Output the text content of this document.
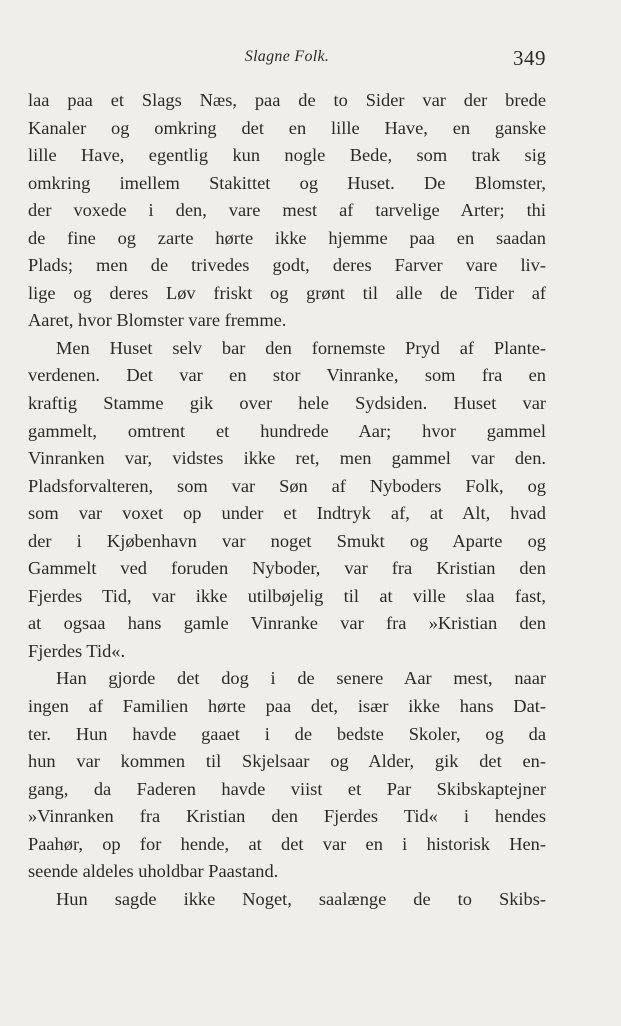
Slagne Folk.	349
laa paa et Slags Næs, paa de to Sider var der brede
Kanaler og omkring det en lille Have, en ganske
lille Have, egentlig kun nogle Bede, som trak sig
omkring imellem Stakittet og Huset. De Blomster,
der voxede i den, vare mest af tarvelige Arter; thi
de fine og zarte hørte ikke hjemme paa en saadan
Plads; men de trivedes godt, deres Farver vare liv-
lige og deres Løv friskt og grønt til alle de Tider af
Aaret, hvor Blomster vare fremme.
Men Huset selv bar den fornemste Pryd af Plante-
verdenen. Det var en stor Vinranke, som fra en
kraftig Stamme gik over hele Sydsiden. Huset var
gammelt, omtrent et hundrede Aar; hvor gammel
Vinranken var, vidstes ikke ret, men gammel var den.
Pladsforvalteren, som var Søn af Nyboders Folk, og
som var voxet op under et Indtryk af, at Alt, hvad
der i Kjøbenhavn var noget Smukt og Aparte og
Gammelt ved foruden Nyboder, var fra Kristian den
Fjerdes Tid, var ikke utilbøjelig til at ville slaa fast,
at ogsaa hans gamle Vinranke var fra »Kristian den
Fjerdes Tid«.
Han gjorde det dog i de senere Aar mest, naar
ingen af Familien hørte paa det, især ikke hans Dat-
ter. Hun havde gaaet i de bedste Skoler, og da
hun var kommen til Skjelsaar og Alder, gik det en-
gang, da Faderen havde viist et Par Skibskaptejner
»Vinranken fra Kristian den Fjerdes Tid« i hendes
Paahør, op for hende, at det var en i historisk Hen-
seende aldeles uholdbar Paastand.
Hun sagde ikke Noget, saalænge de to Skibs-
